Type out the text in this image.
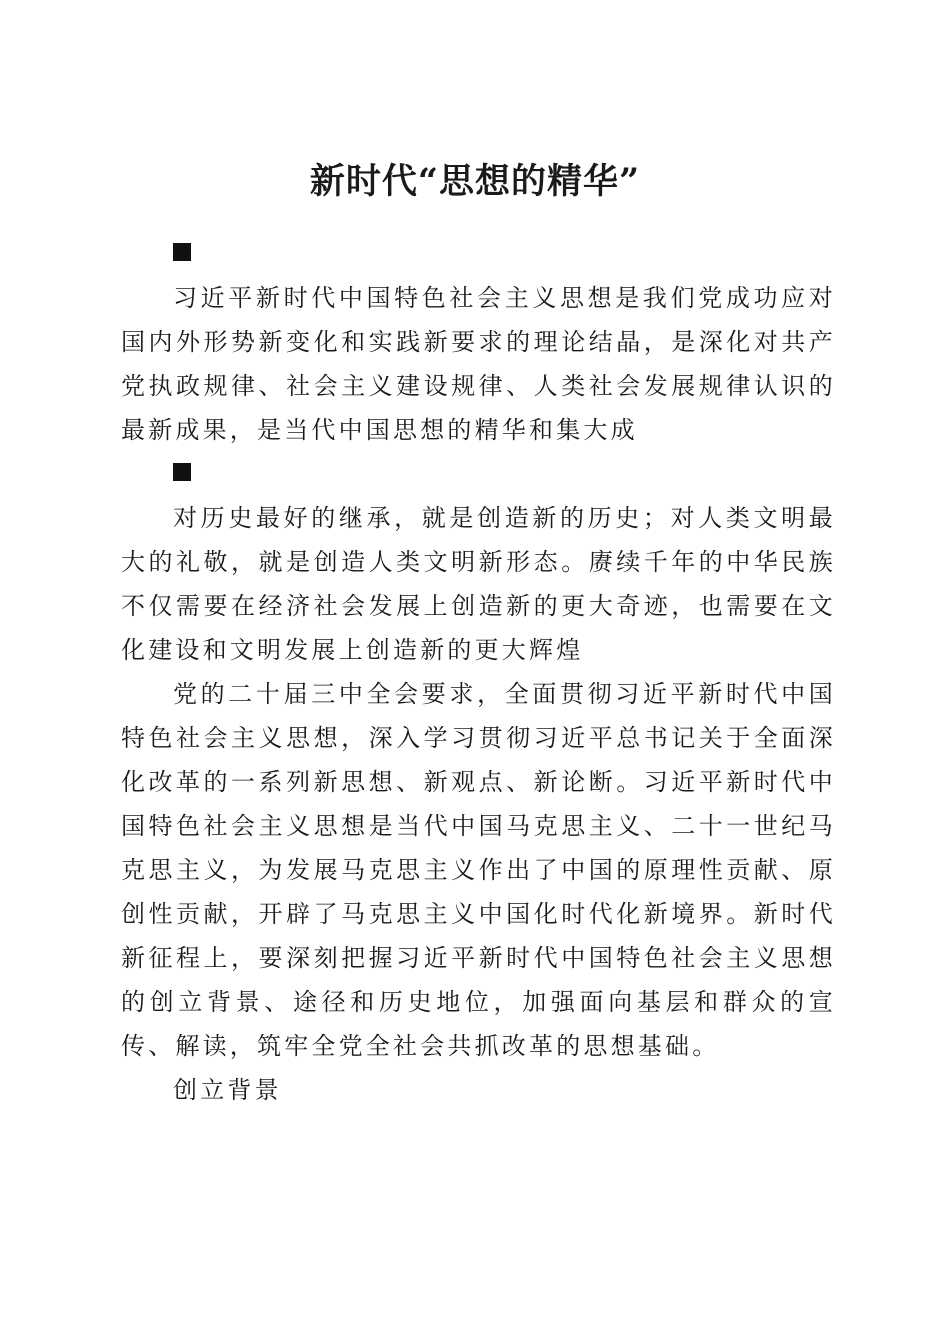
新时代“思想的精华”

习近平新时代中国特色社会主义思想是我们党成功应对国内外形势新变化和实践新要求的理论结晶，是深化对共产党执政规律、社会主义建设规律、人类社会发展规律认识的最新成果，是当代中国思想的精华和集大成

对历史最好的继承，就是创造新的历史；对人类文明最大的礼敬，就是创造人类文明新形态。赓续千年的中华民族不仅需要在经济社会发展上创造新的更大奇迹，也需要在文化建设和文明发展上创造新的更大辉煌

党的二十届三中全会要求，全面贯彻习近平新时代中国特色社会主义思想，深入学习贯彻习近平总书记关于全面深化改革的一系列新思想、新观点、新论断。习近平新时代中国特色社会主义思想是当代中国马克思主义、二十一世纪马克思主义，为发展马克思主义作出了中国的原理性贡献、原创性贡献，开辟了马克思主义中国化时代化新境界。新时代新征程上，要深刻把握习近平新时代中国特色社会主义思想的创立背景、途径和历史地位，加强面向基层和群众的宣传、解读，筑牢全党全社会共抓改革的思想基础。

创立背景
